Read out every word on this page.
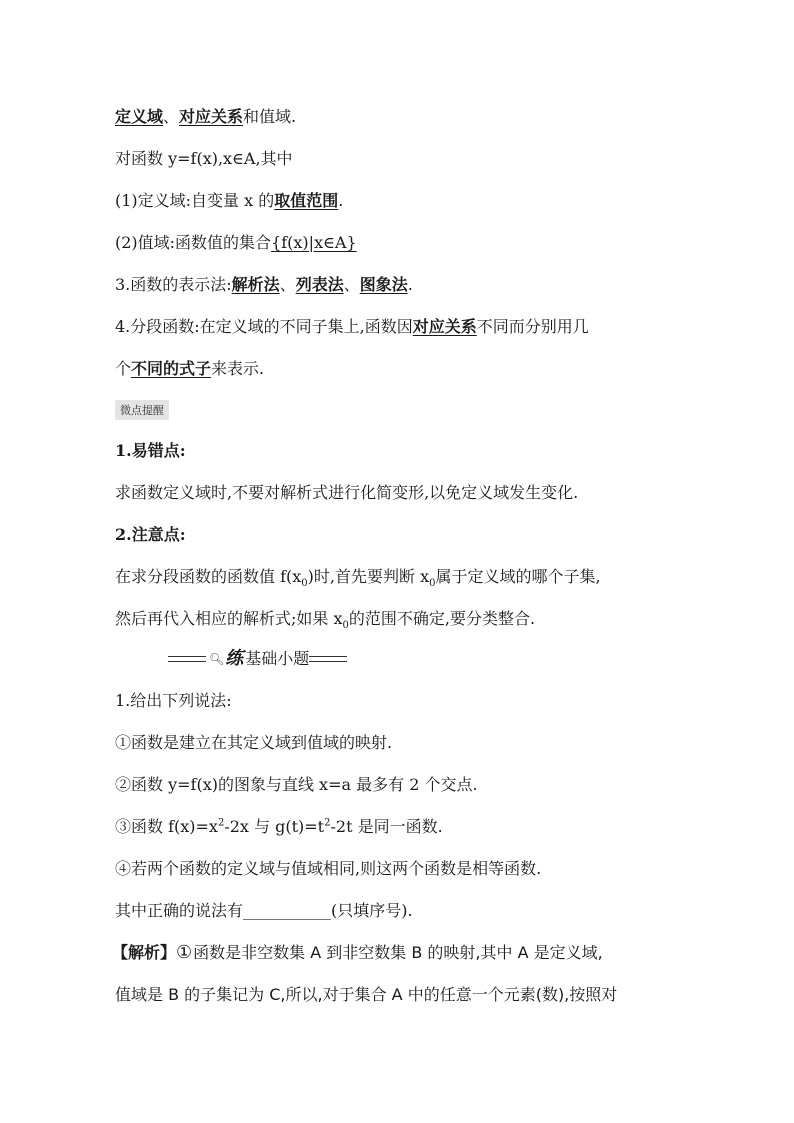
定义域、对应关系和值域.
对函数 y=f(x),x∈A,其中
(1)定义域:自变量 x 的取值范围.
(2)值域:函数值的集合{f(x)|x∈A}
3.函数的表示法:解析法、列表法、图象法.
4.分段函数:在定义域的不同子集上,函数因对应关系不同而分别用几
个不同的式子来表示.
微点提醒
1.易错点:
求函数定义域时,不要对解析式进行化简变形,以免定义域发生变化.
2.注意点:
在求分段函数的函数值 $f(x_0)$时,首先要判断 $x_0$属于定义域的哪个子集,
然后再代入相应的解析式;如果 $x_0$的范围不确定,要分类整合.
🔍︎ 练 基础小题
1.给出下列说法:
①函数是建立在其定义域到值域的映射.
②函数 y=f(x)的图象与直线 x=a 最多有 2 个交点.
③函数 $f(x)=x^2-2x$ 与 $g(t)=t^2-2t$ 是同一函数.
④若两个函数的定义域与值域相同,则这两个函数是相等函数.
其中正确的说法有___________(只填序号).
【解析】①函数是非空数集 A 到非空数集 B 的映射,其中 A 是定义域,
值域是 B 的子集记为 C,所以,对于集合 A 中的任意一个元素(数),按照对
